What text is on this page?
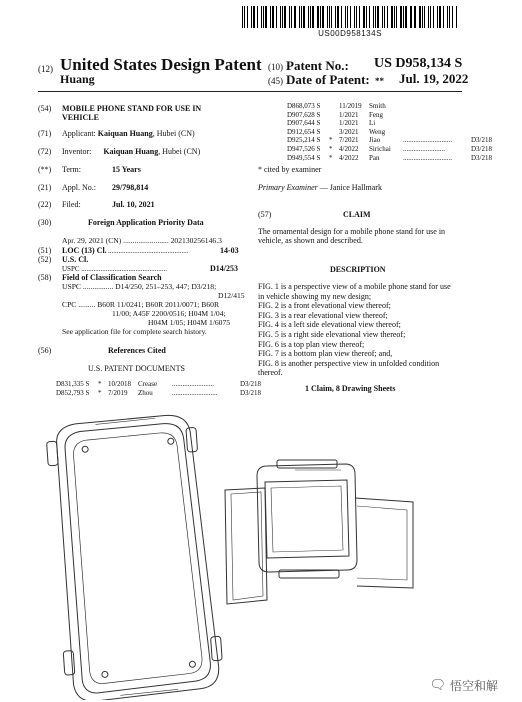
US00D958134S
(12) United States Design Patent (10) Patent No.: US D958,134 S
Huang	(45) Date of Patent: ** Jul. 19, 2022
(54) MOBILE PHONE STAND FOR USE IN
VEHICLE
(71) Applicant: Kaiquan Huang, Hubei (CN)
(72) Inventor: Kaiquan Huang, Hubei (CN)
(**) Term:	15 Years
(21) Appl. No.: 29/798,814
(22) Filed:	Jul. 10, 2021
(30)	Foreign Application Priority Data
Apr. 29, 2021 (CN) ........................ 202130256146.3
(51) LOC (13) Cl. ..............................................	14-03
(52) U.S. Cl.
USPC .................................................	D14/253
(58) Field of Classification Search
USPC ................ D14/250, 251–253, 447; D3/218;
D12/415
CPC ......... B60R 11/0241; B60R 2011/0071; B60R
11/00; A45F 2200/0516; H04M 1/04;
H04M 1/05; H04M 1/6075
See application file for complete search history.
(56)	References Cited
U.S. PATENT DOCUMENTS
D831,335 S	* 10/2018	Crease	........................	D3/218
D852,793 S	* 7/2019	Zhou	..........................	D3/218
D868,073 S	11/2019	Smith
D907,628 S	1/2021	Feng
D907,644 S	1/2021	Li
D912,654 S	3/2021	Weng
D925,214 S	* 7/2021	Jiao	............................	D3/218
D947,526 S	* 4/2022	Sirichai	........................	D3/218
D949,554 S	* 4/2022	Pan	............................	D3/218
* cited by examiner
Primary Examiner — Janice Hallmark
(57)	CLAIM
The ornamental design for a mobile phone stand for use in
vehicle, as shown and described.
DESCRIPTION
FIG. 1 is a perspective view of a mobile phone stand for use
in vehicle showing my new design;
FIG. 2 is a front elevational view thereof;
FIG. 3 is a rear elevational view thereof;
FIG. 4 is a left side elevational view thereof;
FIG. 5 is a right side elevational view thereof;
FIG. 6 is a top plan view thereof;
FIG. 7 is a bottom plan view thereof; and,
FIG. 8 is another perspective view in unfolded condition
thereof.
1 Claim, 8 Drawing Sheets
🗨 悟空和解
